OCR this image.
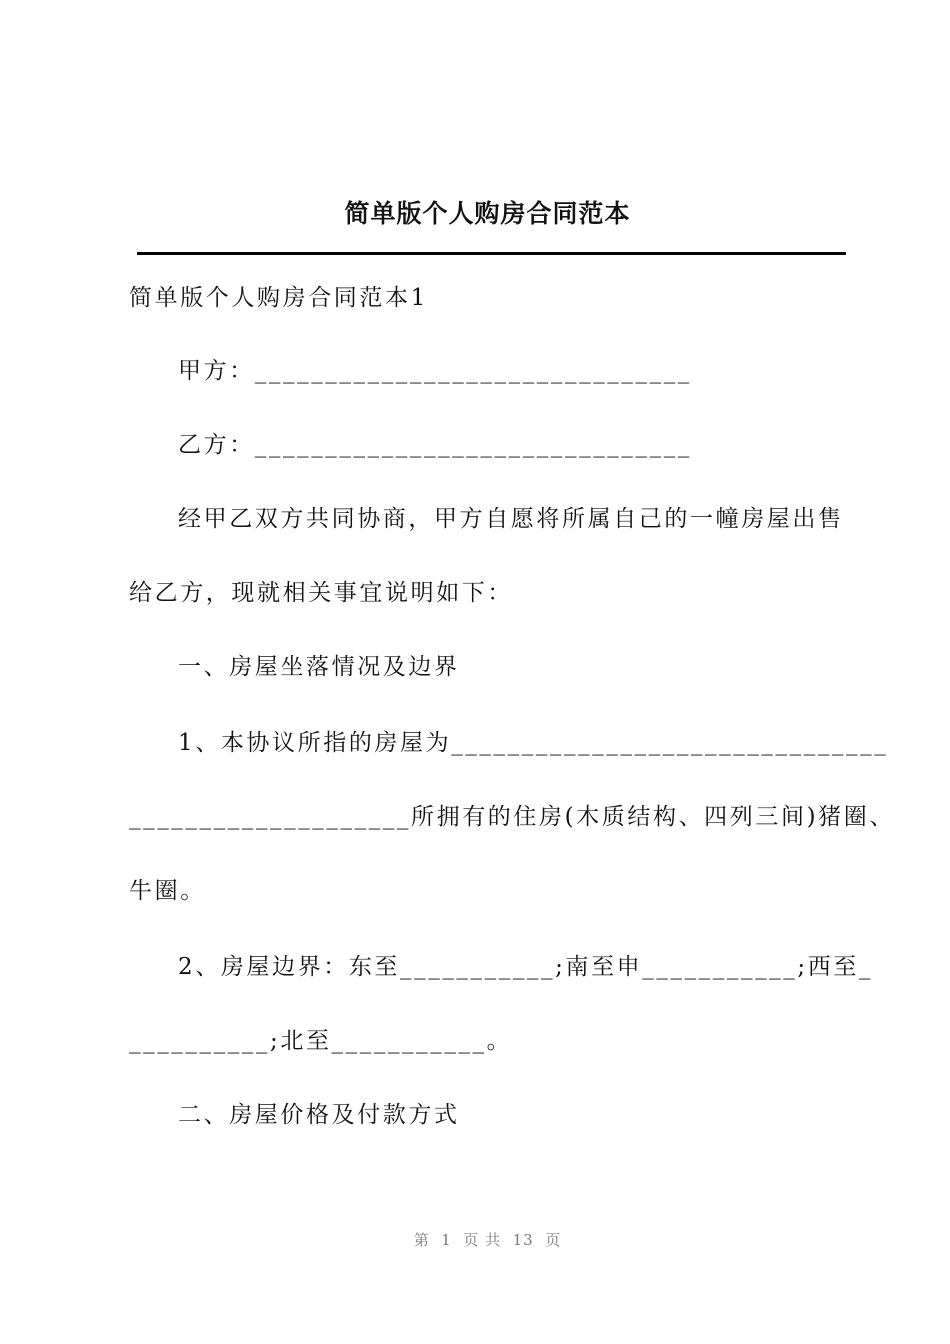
简单版个人购房合同范本
简单版个人购房合同范本1
甲方：_______________________________
乙方：_______________________________
经甲乙双方共同协商，甲方自愿将所属自己的一幢房屋出售
给乙方，现就相关事宜说明如下：
一、房屋坐落情况及边界
1、本协议所指的房屋为_______________________________
____________________所拥有的住房(木质结构、四列三间)猪圈、
牛圈。
2、房屋边界：东至___________;南至申___________;西至_
__________;北至___________。
二、房屋价格及付款方式
第  1  页 共  13  页
